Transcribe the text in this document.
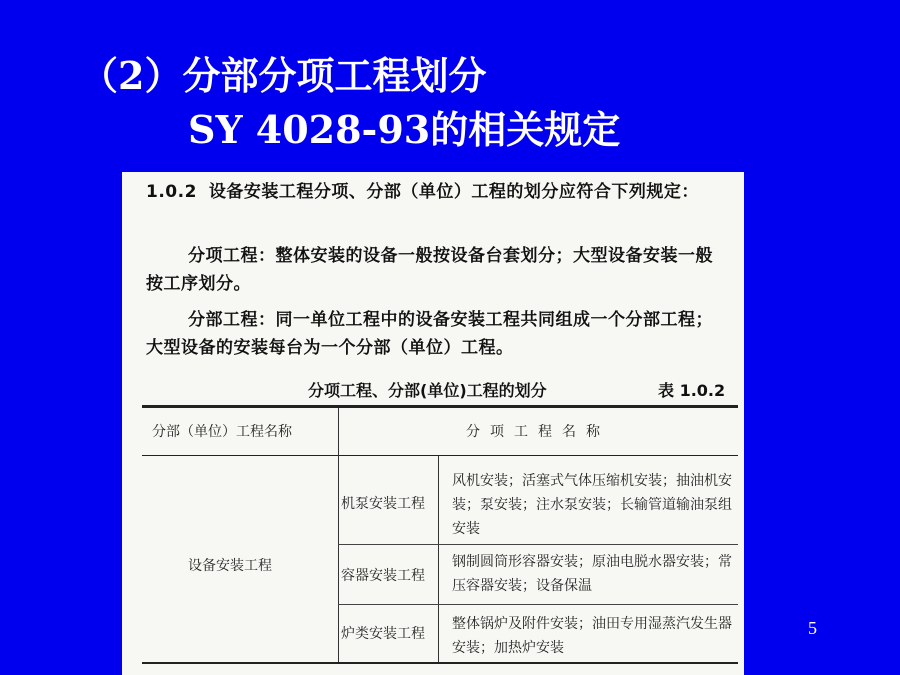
（2）分部分项工程划分
SY 4028-93的相关规定
1.0.2 设备安装工程分项、分部（单位）工程的划分应符合下列规定：
分项工程：整体安装的设备一般按设备台套划分；大型设备安装一般按工序划分。
分部工程：同一单位工程中的设备安装工程共同组成一个分部工程；大型设备的安装每台为一个分部（单位）工程。
分项工程、分部(单位)工程的划分	表 1.0.2
分部（单位）工程名称	分项工程名称
设备安装工程
机泵安装工程
风机安装；活塞式气体压缩机安装；抽油机安装；泵安装；注水泵安装；长输管道输油泵组安装
容器安装工程
钢制圆筒形容器安装；原油电脱水器安装；常压容器安装；设备保温
炉类安装工程
整体锅炉及附件安装；油田专用湿蒸汽发生器安装；加热炉安装
5
